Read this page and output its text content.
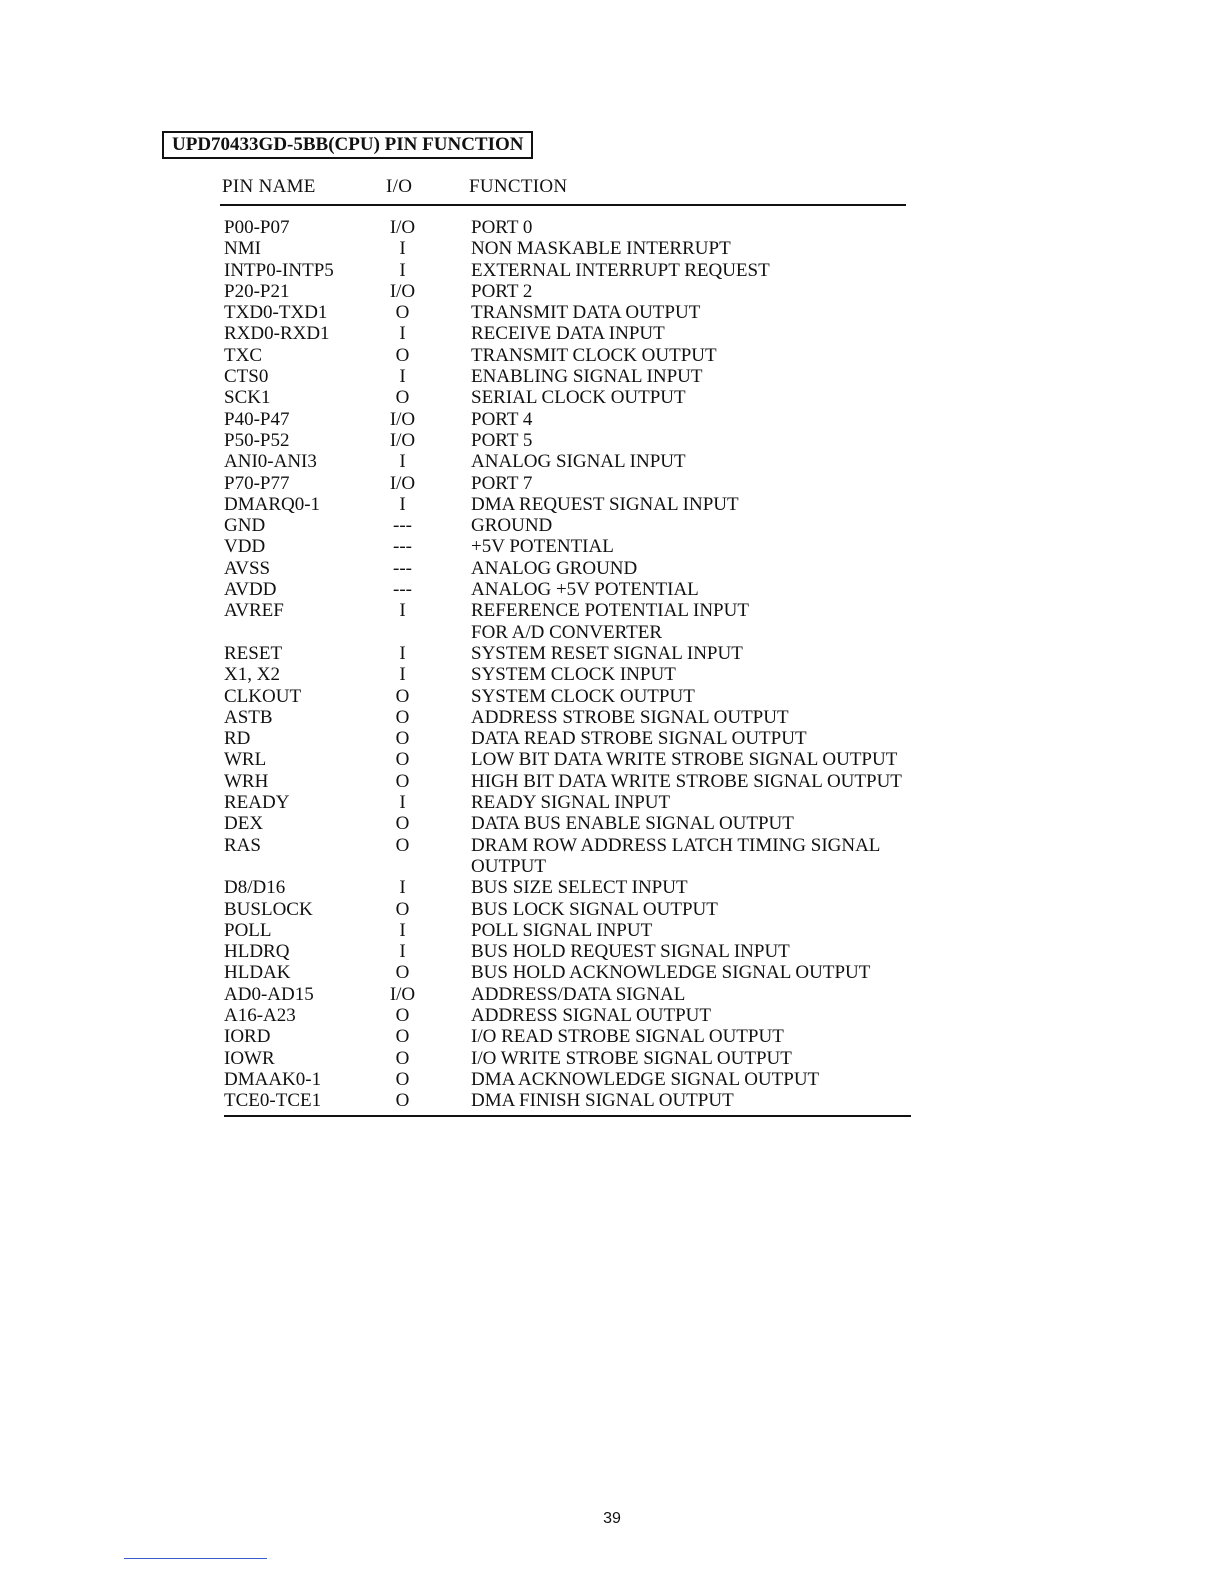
UPD70433GD-5BB(CPU) PIN FUNCTION
PIN NAME	I/O	FUNCTION
P00-P07	I/O	PORT 0
NMI	I	NON MASKABLE INTERRUPT
INTP0-INTP5	I	EXTERNAL INTERRUPT REQUEST
P20-P21	I/O	PORT 2
TXD0-TXD1	O	TRANSMIT DATA OUTPUT
RXD0-RXD1	I	RECEIVE DATA INPUT
TXC	O	TRANSMIT CLOCK OUTPUT
CTS0	I	ENABLING SIGNAL INPUT
SCK1	O	SERIAL CLOCK OUTPUT
P40-P47	I/O	PORT 4
P50-P52	I/O	PORT 5
ANI0-ANI3	I	ANALOG SIGNAL INPUT
P70-P77	I/O	PORT 7
DMARQ0-1	I	DMA REQUEST SIGNAL INPUT
GND	---	GROUND
VDD	---	+5V POTENTIAL
AVSS	---	ANALOG GROUND
AVDD	---	ANALOG +5V POTENTIAL
AVREF	I	REFERENCE POTENTIAL INPUT
FOR A/D CONVERTER
RESET	I	SYSTEM RESET SIGNAL INPUT
X1, X2	I	SYSTEM CLOCK INPUT
CLKOUT	O	SYSTEM CLOCK OUTPUT
ASTB	O	ADDRESS STROBE SIGNAL OUTPUT
RD	O	DATA READ STROBE SIGNAL OUTPUT
WRL	O	LOW BIT DATA WRITE STROBE SIGNAL OUTPUT
WRH	O	HIGH BIT DATA WRITE STROBE SIGNAL OUTPUT
READY	I	READY SIGNAL INPUT
DEX	O	DATA BUS ENABLE SIGNAL OUTPUT
RAS	O	DRAM ROW ADDRESS LATCH TIMING SIGNAL
OUTPUT
D8/D16	I	BUS SIZE SELECT INPUT
BUSLOCK	O	BUS LOCK SIGNAL OUTPUT
POLL	I	POLL SIGNAL INPUT
HLDRQ	I	BUS HOLD REQUEST SIGNAL INPUT
HLDAK	O	BUS HOLD ACKNOWLEDGE SIGNAL OUTPUT
AD0-AD15	I/O	ADDRESS/DATA SIGNAL
A16-A23	O	ADDRESS SIGNAL OUTPUT
IORD	O	I/O READ STROBE SIGNAL OUTPUT
IOWR	O	I/O WRITE STROBE SIGNAL OUTPUT
DMAAK0-1	O	DMA ACKNOWLEDGE SIGNAL OUTPUT
TCE0-TCE1	O	DMA FINISH SIGNAL OUTPUT
39
